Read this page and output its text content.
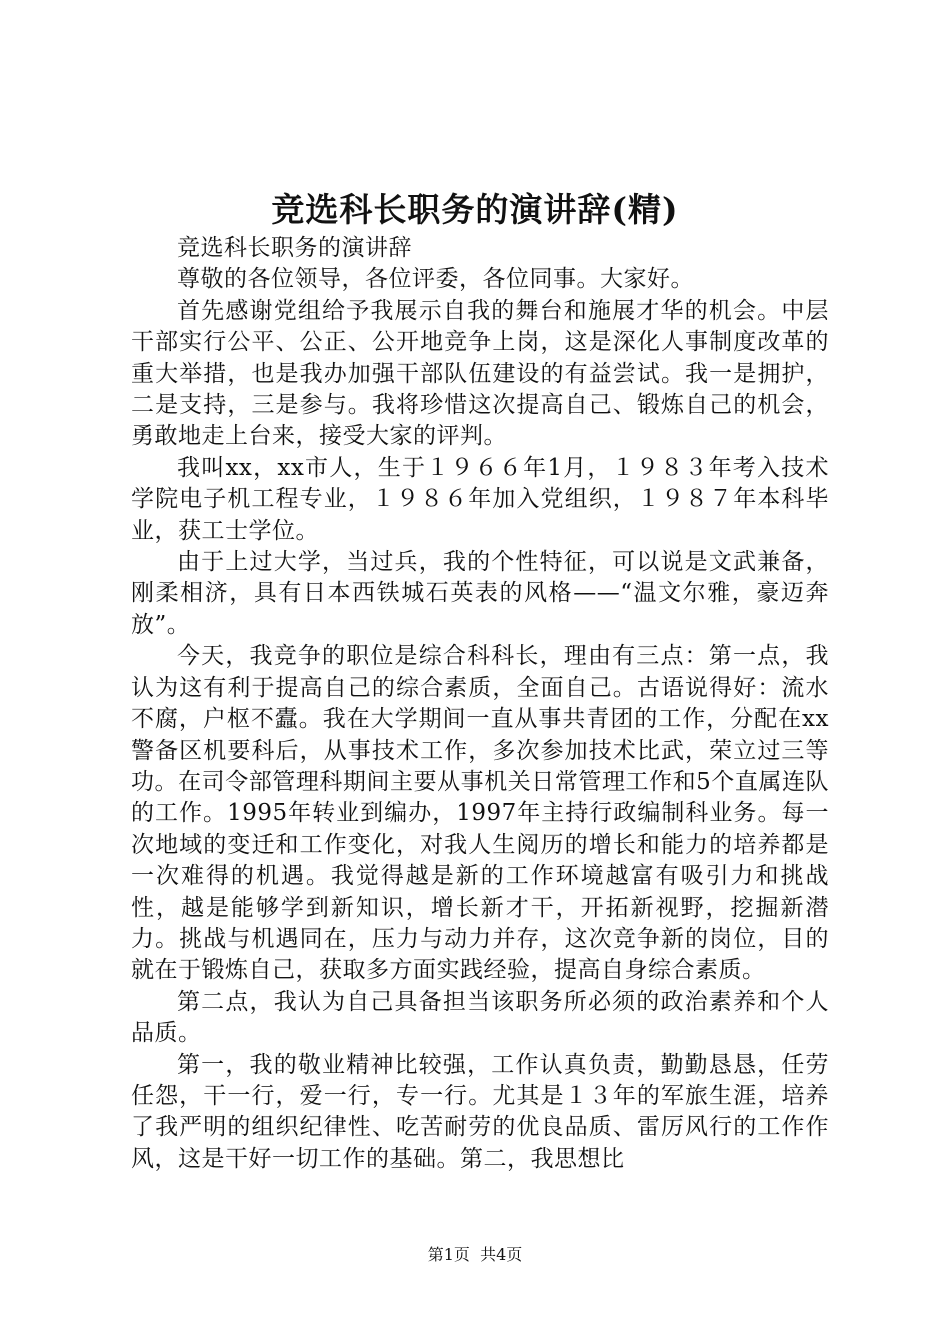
竞选科长职务的演讲辞(精)

竞选科长职务的演讲辞

尊敬的各位领导，各位评委，各位同事。大家好。

首先感谢党组给予我展示自我的舞台和施展才华的机会。中层干部实行公平、公正、公开地竞争上岗，这是深化人事制度改革的重大举措，也是我办加强干部队伍建设的有益尝试。我一是拥护，二是支持，三是参与。我将珍惜这次提高自己、锻炼自己的机会，勇敢地走上台来，接受大家的评判。

我叫xx，xx市人，生于１９６６年1月，１９８３年考入技术学院电子机工程专业，１９８６年加入党组织，１９８７年本科毕业，获工士学位。

由于上过大学，当过兵，我的个性特征，可以说是文武兼备，刚柔相济，具有日本西铁城石英表的风格——“温文尔雅，豪迈奔放”。

今天，我竞争的职位是综合科科长，理由有三点：第一点，我认为这有利于提高自己的综合素质，全面自己。古语说得好：流水不腐，户枢不蠹。我在大学期间一直从事共青团的工作，分配在xx警备区机要科后，从事技术工作，多次参加技术比武，荣立过三等功。在司令部管理科期间主要从事机关日常管理工作和5个直属连队的工作。1995年转业到编办，1997年主持行政编制科业务。每一次地域的变迁和工作变化，对我人生阅历的增长和能力的培养都是一次难得的机遇。我觉得越是新的工作环境越富有吸引力和挑战性，越是能够学到新知识，增长新才干，开拓新视野，挖掘新潜力。挑战与机遇同在，压力与动力并存，这次竞争新的岗位，目的就在于锻炼自己，获取多方面实践经验，提高自身综合素质。

第二点，我认为自己具备担当该职务所必须的政治素养和个人品质。

第一，我的敬业精神比较强，工作认真负责，勤勤恳恳，任劳任怨，干一行，爱一行，专一行。尤其是１３年的军旅生涯，培养了我严明的组织纪律性、吃苦耐劳的优良品质、雷厉风行的工作作风，这是干好一切工作的基础。第二，我思想比

第1页 共4页
